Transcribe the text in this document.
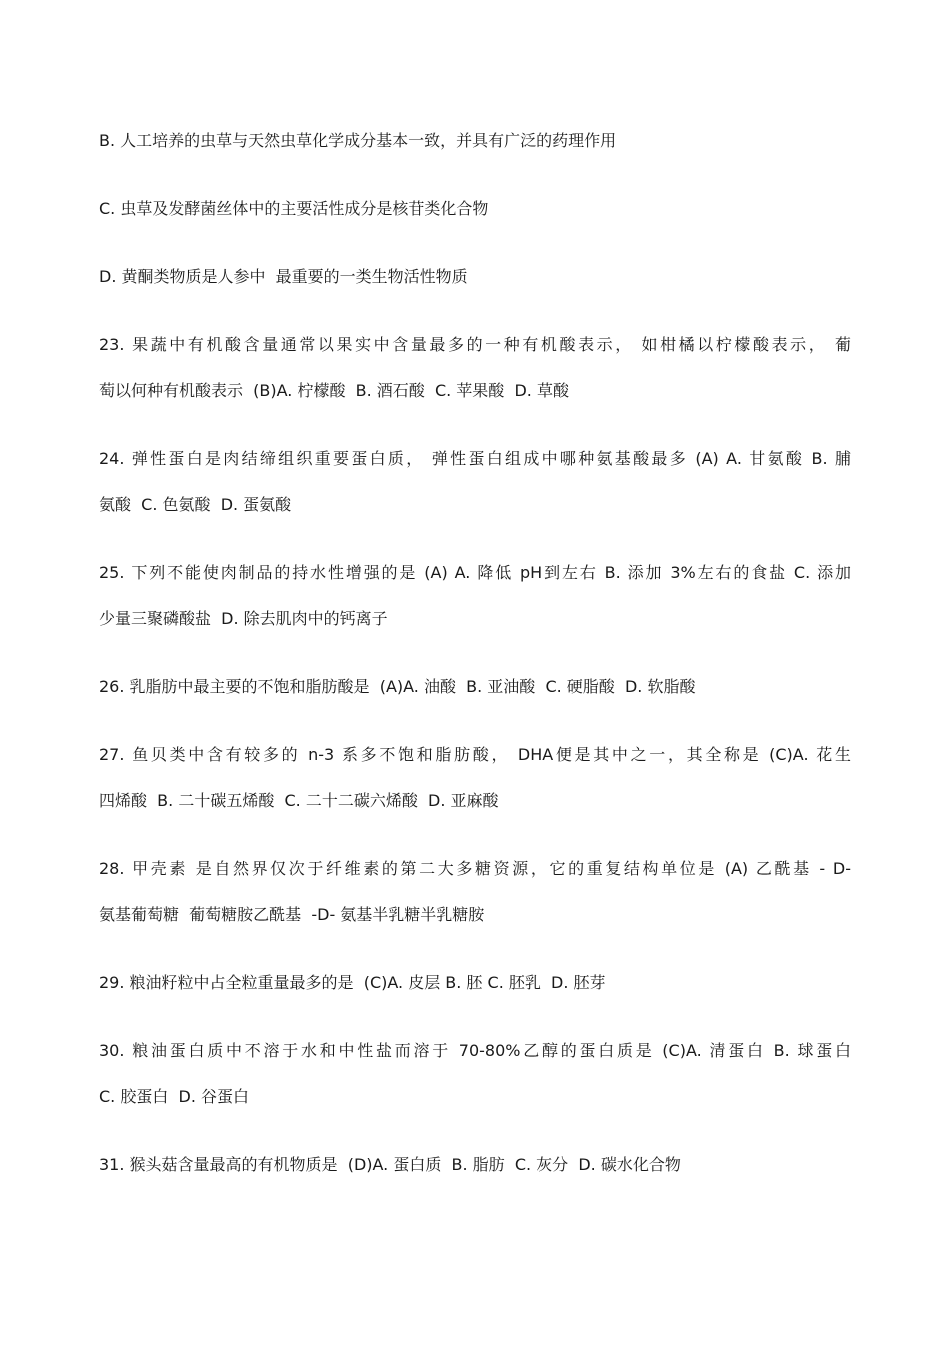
B. 人工培养的虫草与天然虫草化学成分基本一致，并具有广泛的药理作用
C. 虫草及发酵菌丝体中的主要活性成分是核苷类化合物
D. 黄酮类物质是人参中  最重要的一类生物活性物质
23. 果蔬中有机酸含量通常以果实中含量最多的一种有机酸表示， 如柑橘以柠檬酸表示， 葡
萄以何种有机酸表示  (B)A. 柠檬酸  B. 酒石酸  C. 苹果酸  D. 草酸
24. 弹性蛋白是肉结缔组织重要蛋白质， 弹性蛋白组成中哪种氨基酸最多 (A) A. 甘氨酸 B. 脯
氨酸  C. 色氨酸  D. 蛋氨酸
25. 下列不能使肉制品的持水性增强的是 (A) A. 降低 pH到左右 B. 添加 3%左右的食盐 C. 添加
少量三聚磷酸盐  D. 除去肌肉中的钙离子
26. 乳脂肪中最主要的不饱和脂肪酸是  (A)A. 油酸  B. 亚油酸  C. 硬脂酸  D. 软脂酸
27. 鱼贝类中含有较多的 n-3 系多不饱和脂肪酸， DHA便是其中之一，其全称是 (C)A. 花生
四烯酸  B. 二十碳五烯酸  C. 二十二碳六烯酸  D. 亚麻酸
28. 甲壳素 是自然界仅次于纤维素的第二大多糖资源，它的重复结构单位是 (A) 乙酰基 - D-
氨基葡萄糖  葡萄糖胺乙酰基  -D- 氨基半乳糖半乳糖胺
29. 粮油籽粒中占全粒重量最多的是  (C)A. 皮层 B. 胚 C. 胚乳  D. 胚芽
30. 粮油蛋白质中不溶于水和中性盐而溶于 70-80%乙醇的蛋白质是 (C)A. 清蛋白 B. 球蛋白
C. 胶蛋白  D. 谷蛋白
31. 猴头菇含量最高的有机物质是  (D)A. 蛋白质  B. 脂肪  C. 灰分  D. 碳水化合物
